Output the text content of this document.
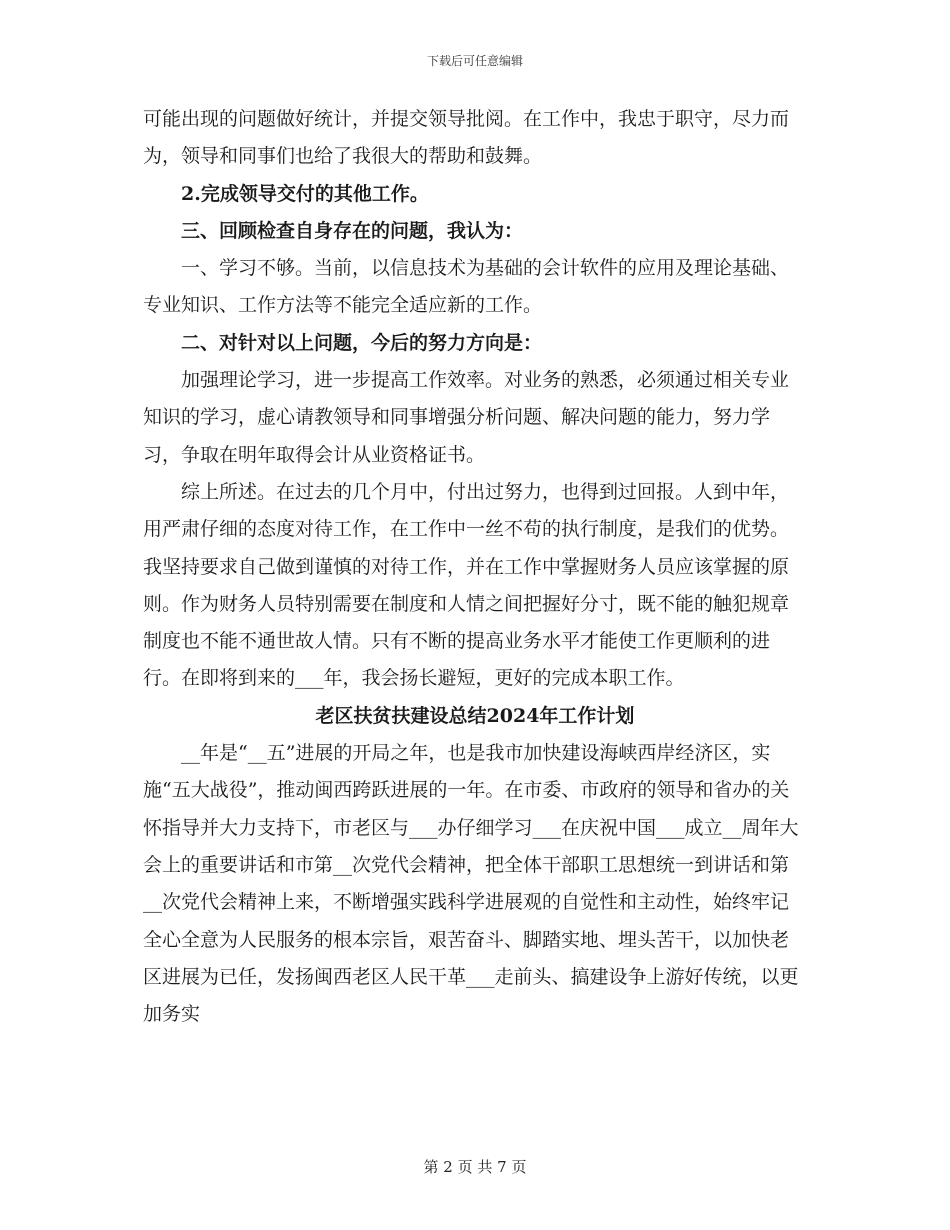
下载后可任意编辑

可能出现的问题做好统计，并提交领导批阅。在工作中，我忠于职守，尽力而为，领导和同事们也给了我很大的帮助和鼓舞。

2.完成领导交付的其他工作。

三、回顾检查自身存在的问题，我认为：

一、学习不够。当前，以信息技术为基础的会计软件的应用及理论基础、专业知识、工作方法等不能完全适应新的工作。

二、对针对以上问题，今后的努力方向是：

加强理论学习，进一步提高工作效率。对业务的熟悉，必须通过相关专业知识的学习，虚心请教领导和同事增强分析问题、解决问题的能力，努力学习，争取在明年取得会计从业资格证书。

综上所述。在过去的几个月中，付出过努力，也得到过回报。人到中年，用严肃仔细的态度对待工作，在工作中一丝不苟的执行制度，是我们的优势。我坚持要求自己做到谨慎的对待工作，并在工作中掌握财务人员应该掌握的原则。作为财务人员特别需要在制度和人情之间把握好分寸，既不能的触犯规章制度也不能不通世故人情。只有不断的提高业务水平才能使工作更顺利的进行。在即将到来的___年，我会扬长避短，更好的完成本职工作。

老区扶贫扶建设总结2024年工作计划

__年是“__五”进展的开局之年，也是我市加快建设海峡西岸经济区，实施“五大战役”，推动闽西跨跃进展的一年。在市委、市政府的领导和省办的关怀指导并大力支持下，市老区与___办仔细学习___在庆祝中国___成立__周年大会上的重要讲话和市第__次党代会精神，把全体干部职工思想统一到讲话和第__次党代会精神上来，不断增强实践科学进展观的自觉性和主动性，始终牢记全心全意为人民服务的根本宗旨，艰苦奋斗、脚踏实地、埋头苦干，以加快老区进展为已任，发扬闽西老区人民干革___走前头、搞建设争上游好传统，以更加务实

第 2 页 共 7 页
